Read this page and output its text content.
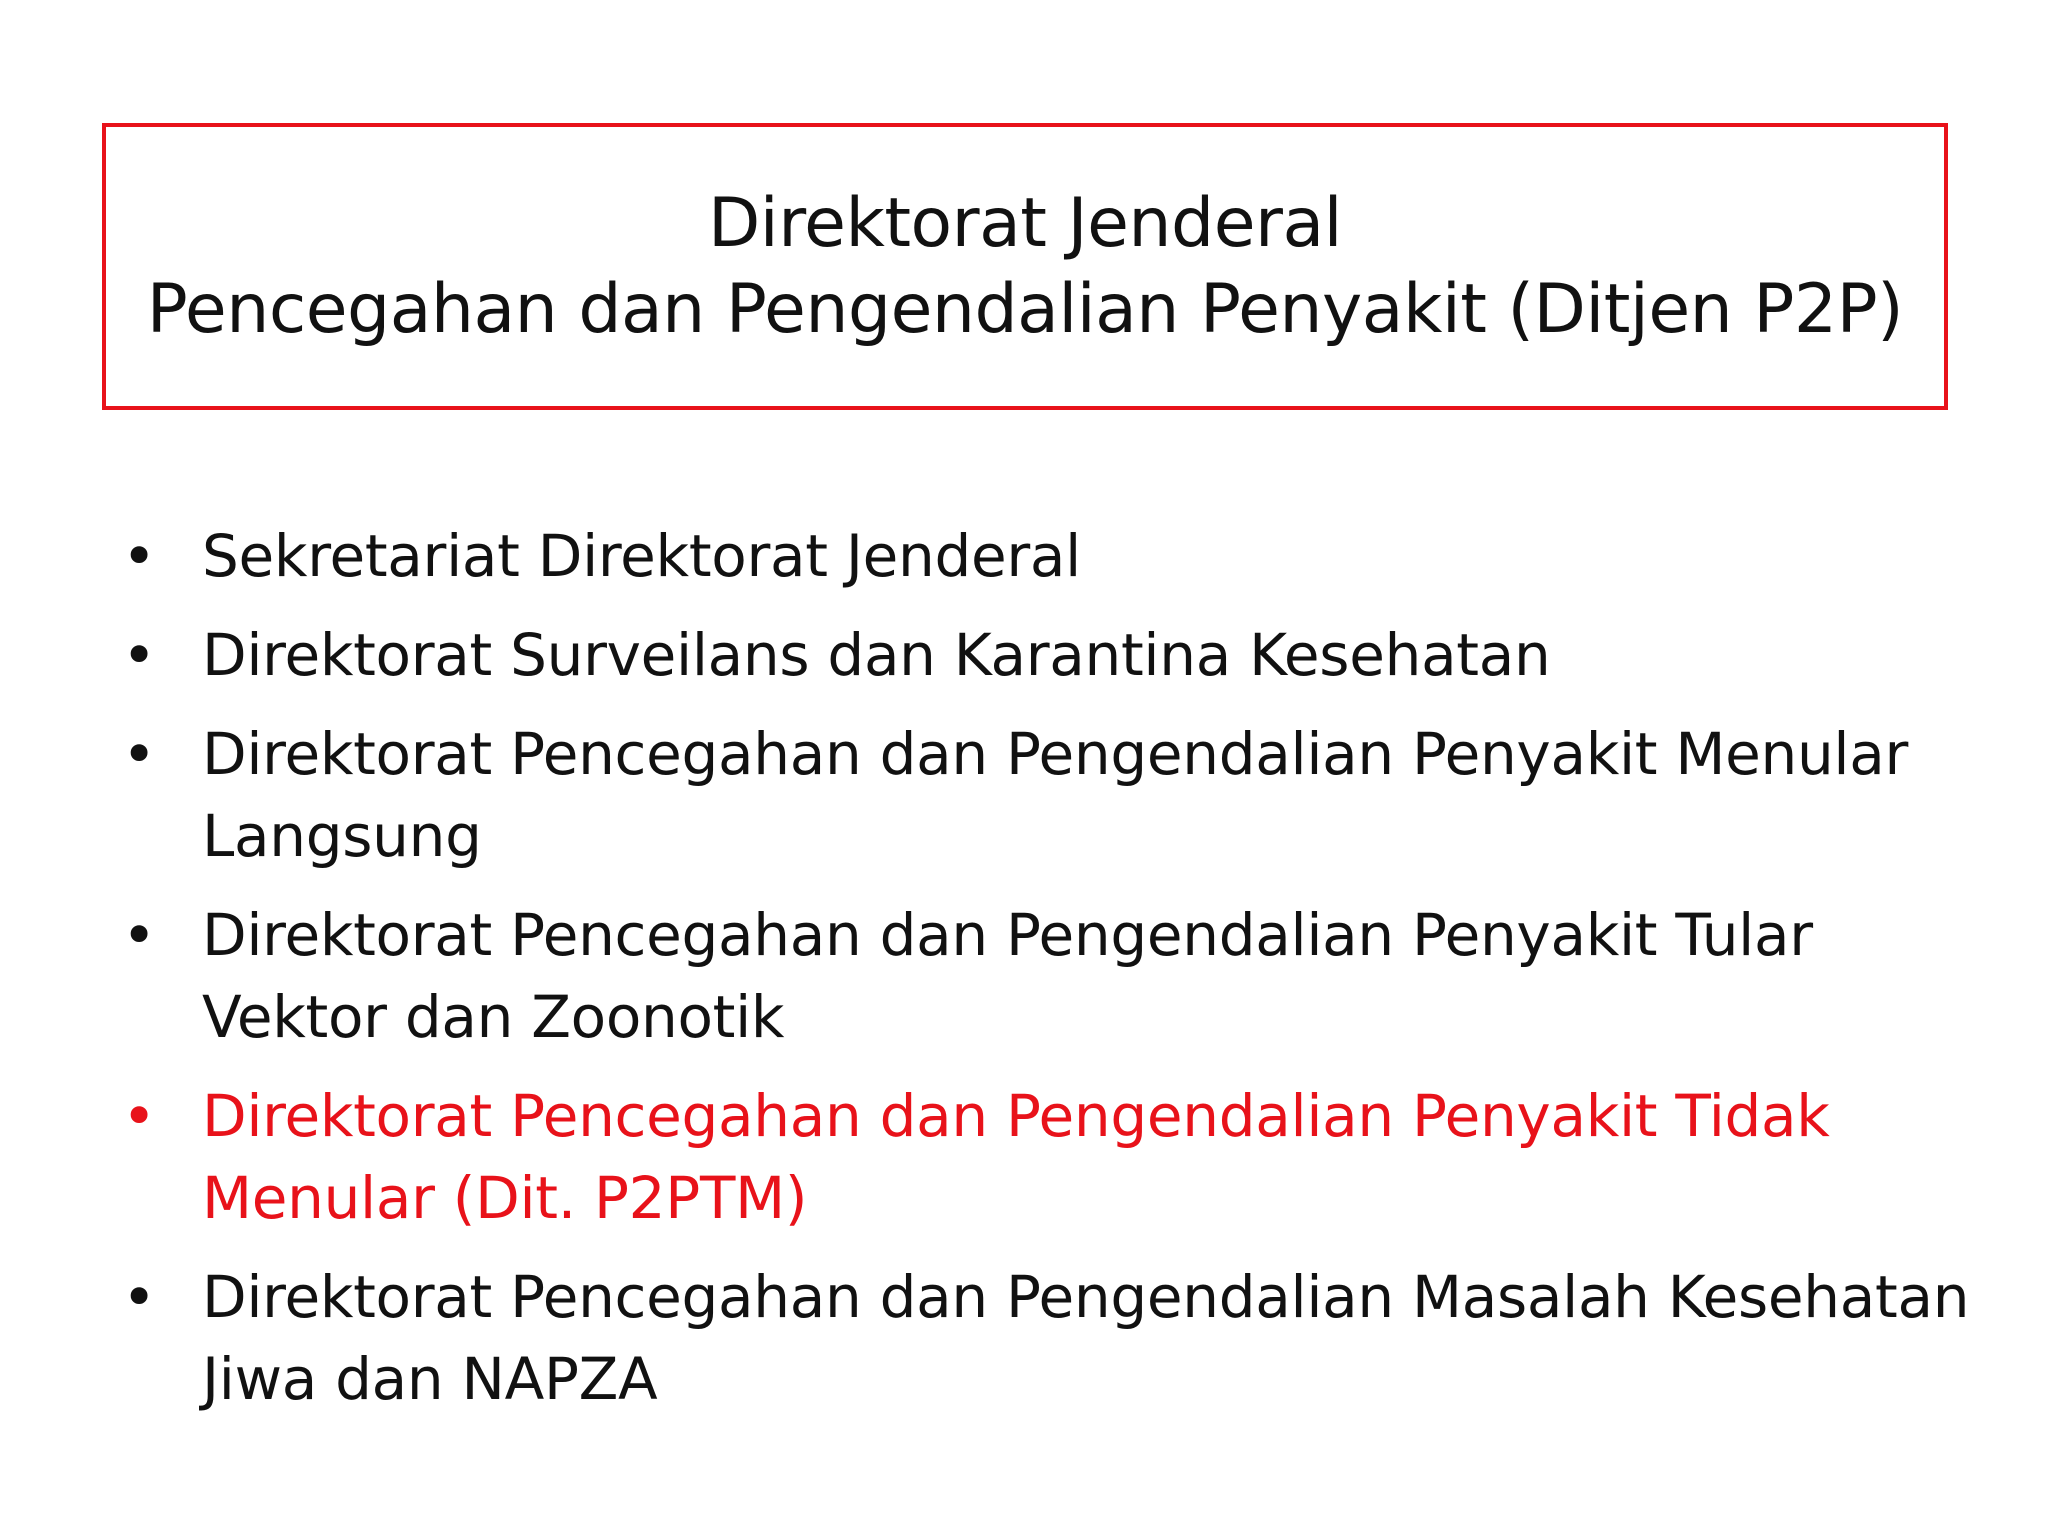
Direktorat Jenderal
Pencegahan dan Pengendalian Penyakit (Ditjen P2P)
• Sekretariat Direktorat Jenderal
• Direktorat Surveilans dan Karantina Kesehatan
• Direktorat Pencegahan dan Pengendalian Penyakit Menular Langsung
• Direktorat Pencegahan dan Pengendalian Penyakit Tular Vektor dan Zoonotik
• Direktorat Pencegahan dan Pengendalian Penyakit Tidak Menular (Dit. P2PTM)
• Direktorat Pencegahan dan Pengendalian Masalah Kesehatan Jiwa dan NAPZA
